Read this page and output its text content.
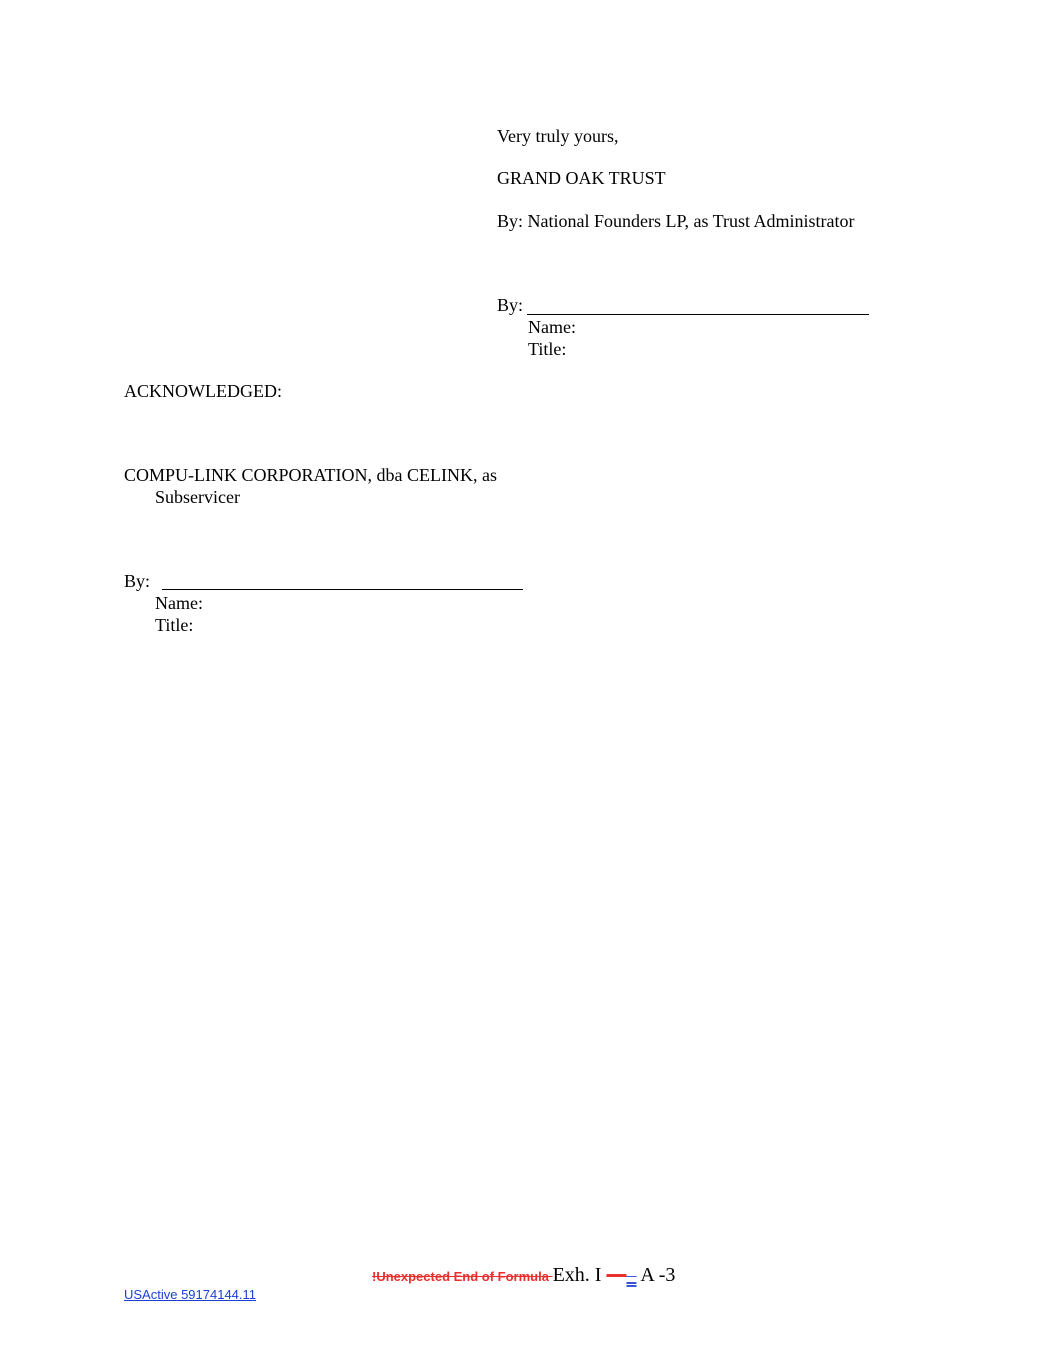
Very truly yours,
GRAND OAK TRUST
By: National Founders LP, as Trust Administrator
By:
Name:
Title:
ACKNOWLEDGED:
COMPU-LINK CORPORATION, dba CELINK, as
Subservicer
By:
Name:
Title:
!Unexpected End of Formula Exh. I —– A -3
USActive 59174144.11
